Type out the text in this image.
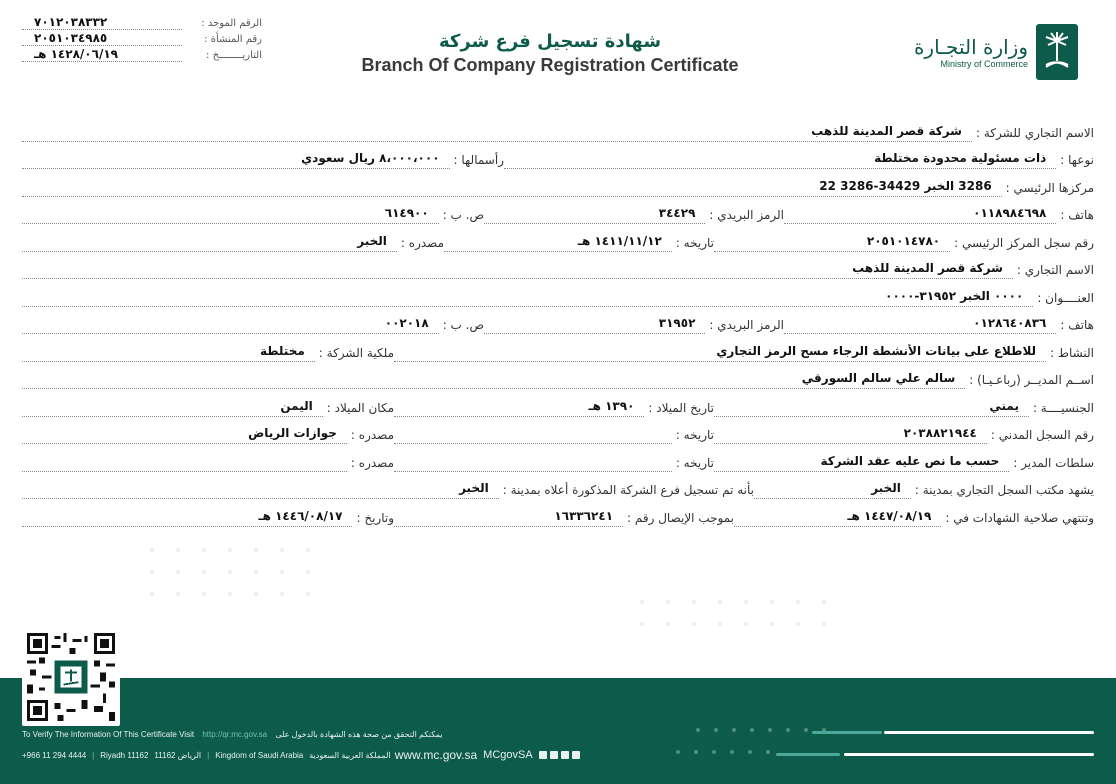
الرقم الموحد :
٧٠١٢٠٣٨٣٣٢
رقم المنشأة :
٢٠٥١٠٣٤٩٨٥
التاريــــــــخ :
١٤٢٨/٠٦/١٩ هـ
شهادة تسجيل فرع شركة
Branch Of Company Registration Certificate
وزارة التجـارة
Ministry of Commerce
الاسم التجاري للشركة :
شركة قصر المدينة للذهب
نوعها :
ذات مسئولية محدودة مختلطة
رأسمالها :
٨،٠٠٠،٠٠٠ ريال سعودي
مركزها الرئيسي :
3286 الخبر 34429-3286 22
هاتف :
٠١١٨٩٨٤٦٩٨
الرمز البريدي :
٣٤٤٢٩
ص. ب :
٦١٤٩٠٠
رقم سجل المركز الرئيسي :
٢٠٥١٠١٤٧٨٠
تاريخه :
١٤١١/١١/١٢ هـ
مصدره :
الخبر
الاسم التجاري :
شركة قصر المدينة للذهب
العنــــوان :
٠٠٠٠ الخبر ٣١٩٥٢-٠٠٠٠
هاتف :
٠١٢٨٦٤٠٨٣٦
الرمز البريدي :
٣١٩٥٢
ص. ب :
٠٠٢٠١٨
النشاط :
للاطلاع على بيانات الأنشطة الرجاء مسح الرمز التجاري
ملكية الشركة :
مختلطة
اســم المديــر (رباعـيـا) :
سالم علي سالم السورقي
الجنسيــــة :
يمني
تاريخ الميلاد :
١٣٩٠ هـ
مكان الميلاد :
اليمن
رقم السجل المدني :
٢٠٣٨٨٢١٩٤٤
تاريخه :
مصدره :
جوازات الرياض
سلطات المدير :
حسب ما نص عليه عقد الشركة
تاريخه :
مصدره :
يشهد مكتب السجل التجاري بمدينة :
الخبر
بأنه تم تسجيل فرع الشركة المذكورة أعلاه بمدينة :
الخبر
وتنتهي صلاحية الشهادات في :
١٤٤٧/٠٨/١٩ هـ
بموجب الإيصال رقم :
١٦٣٣٦٢٤١
وتاريخ :
١٤٤٦/٠٨/١٧ هـ
To Verify The Information Of This Certificate Visit http://qr.mc.gov.sa يمكنكم التحقق من صحة هذه الشهادة بالدخول على
+966 11 294 4444 | Riyadh 11162 الرياض 11162 | Kingdom of Saudi Arabia المملكة العربية السعودية www.mc.gov.sa MCgovSA
